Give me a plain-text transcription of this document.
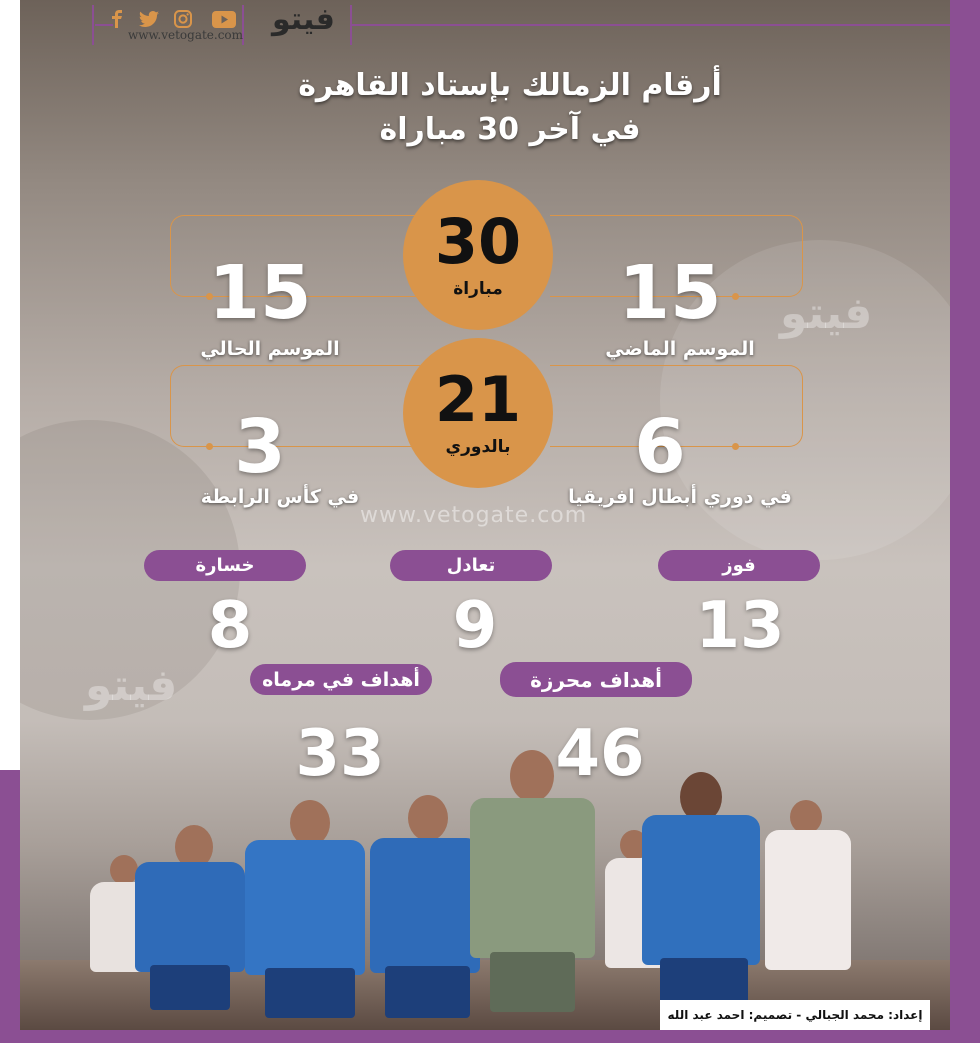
فيتو
www.vetogate.com
أرقام الزمالك بإستاد القاهرة
في آخر 30 مباراة
30
مباراة
15
الموسم الحالي
15
الموسم الماضي
21
بالدوري
3
في كأس الرابطة
6
في دوري أبطال افريقيا
www.vetogate.com
فيتو
فيتو
فوز
تعادل
خسارة
13
9
8
أهداف محرزة
أهداف في مرماه
46
33
إعداد: محمد الجبالي - تصميم: احمد عبد الله
